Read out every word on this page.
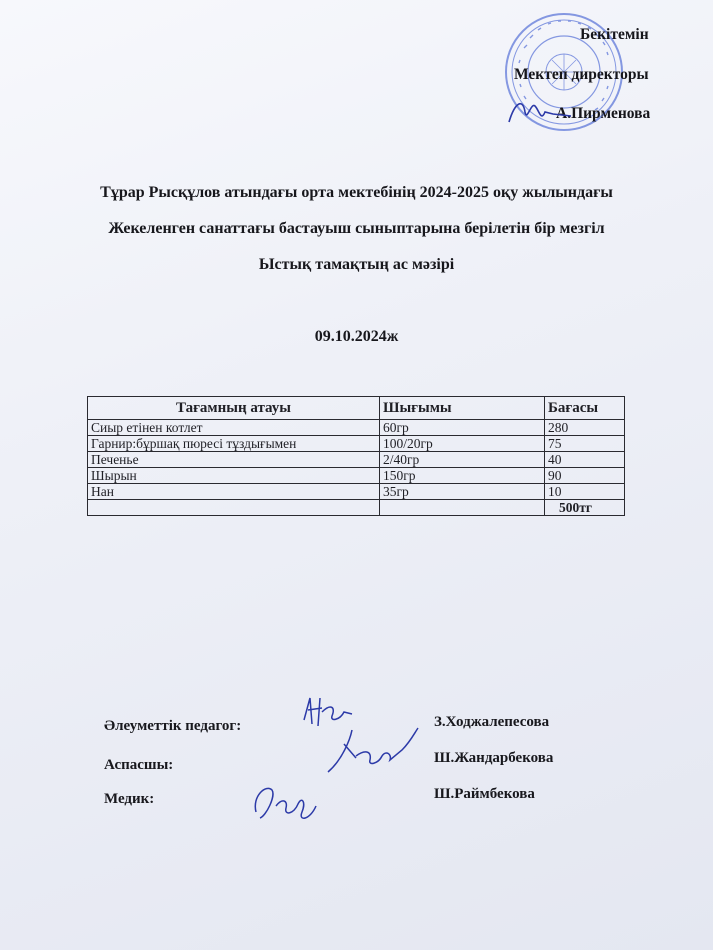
Бекітемін
Мектеп директоры
А.Пирменова
Тұрар Рысқұлов атындағы орта мектебінің 2024-2025 оқу жылындағы
Жекеленген санаттағы бастауыш сыныптарына берілетін бір мезгіл
Ыстық тамақтың ас мәзірі
09.10.2024ж
Тағамның атауы	Шығымы	Бағасы
Сиыр етінен котлет	60гр	280
Гарнир:бұршақ пюресі тұздығымен	100/20гр	75
Печенье	2/40гр	40
Шырын	150гр	90
Нан	35гр	10
		500тг
Әлеуметтік педагог:
Аспасшы:
Медик:
З.Ходжалепесова
Ш.Жандарбекова
Ш.Раймбекова
